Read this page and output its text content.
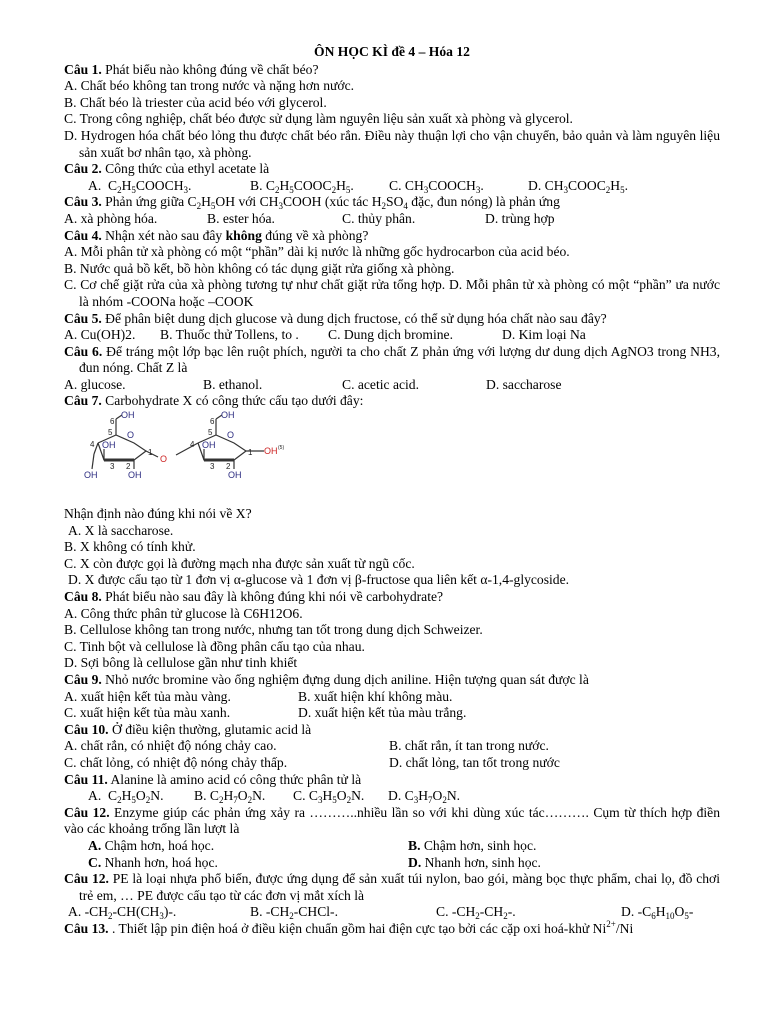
ÔN HỌC KÌ đề 4 – Hóa 12
Câu 1. Phát biểu nào không đúng về chất béo?
A. Chất béo không tan trong nước và nặng hơn nước.
B. Chất béo là triester của acid béo với glycerol.
C. Trong công nghiệp, chất béo được sử dụng làm nguyên liệu sản xuất xà phòng và glycerol.
D. Hydrogen hóa chất béo lỏng thu được chất béo rắn. Điều này thuận lợi cho vận chuyển, bảo quản và làm nguyên liệu sản xuất bơ nhân tạo, xà phòng.
Câu 2. Công thức của ethyl acetate là
A. $C_2H_5COOCH_3$.	B. $C_2H_5COOC_2H_5$.	C. $CH_3COOCH_3$.	D. $CH_3COOC_2H_5$.
Câu 3. Phản ứng giữa $C_2H_5OH$ với $CH_3COOH$ (xúc tác $H_2SO_4$ đặc, đun nóng) là phản ứng
A. xà phòng hóa.	B. ester hóa.	C. thủy phân.	D. trùng hợp
Câu 4. Nhận xét nào sau đây không đúng về xà phòng?
A. Mỗi phân tử xà phòng có một “phần” dài kị nước là những gốc hydrocarbon của acid béo.
B. Nước quả bồ kết, bồ hòn không có tác dụng giặt rửa giống xà phòng.
C. Cơ chế giặt rửa của xà phòng tương tự như chất giặt rửa tổng hợp. D. Mỗi phân tử xà phòng có một “phần” ưa nước là nhóm -COONa hoặc –COOK
Câu 5. Để phân biệt dung dịch glucose và dung dịch fructose, có thể sử dụng hóa chất nào sau đây?
A. Cu(OH)2.	B. Thuốc thử Tollens, to .	C. Dung dịch bromine.	D. Kim loại Na
Câu 6. Để tráng một lớp bạc lên ruột phích, người ta cho chất Z phản ứng với lượng dư dung dịch AgNO3 trong NH3, đun nóng. Chất Z là
A. glucose.	B. ethanol.	C. acetic acid.	D. saccharose
Câu 7. Carbohydrate X có công thức cấu tạo dưới đây:
OH
O
OH
OH	OH
O
OH
O
OH
OH
OH (5)
6
5
4
3 2
1
6
5
4
3 2
1
Nhận định nào đúng khi nói về X?
A. X là saccharose.
B. X không có tính khử.
C. X còn được gọi là đường mạch nha được sản xuất từ ngũ cốc.
D. X được cấu tạo từ 1 đơn vị α-glucose và 1 đơn vị β-fructose qua liên kết α-1,4-glycoside.
Câu 8. Phát biểu nào sau đây là không đúng khi nói về carbohydrate?
A. Công thức phân tử glucose là C6H12O6.
B. Cellulose không tan trong nước, nhưng tan tốt trong dung dịch Schweizer.
C. Tinh bột và cellulose là đồng phân cấu tạo của nhau.
D. Sợi bông là cellulose gần như tinh khiết
Câu 9. Nhỏ nước bromine vào ống nghiệm đựng dung dịch aniline. Hiện tượng quan sát được là
A. xuất hiện kết tủa màu vàng.	B. xuất hiện khí không màu.
C. xuất hiện kết tủa màu xanh.	D. xuất hiện kết tủa màu trắng.
Câu 10. Ở điều kiện thường, glutamic acid là
A. chất rắn, có nhiệt độ nóng chảy cao.	B. chất rắn, ít tan trong nước.
C. chất lỏng, có nhiệt độ nóng chảy thấp.	D. chất lỏng, tan tốt trong nước
Câu 11. Alanine là amino acid có công thức phân tử là
A. $C_2H_5O_2N$.	B. $C_2H_7O_2N$.	C. $C_3H_5O_2N$.	D. $C_3H_7O_2N$.
Câu 12. Enzyme giúp các phản ứng xảy ra ………..nhiều lần so với khi dùng xúc tác………. Cụm từ thích hợp điền vào các khoảng trống lần lượt là
A. Chậm hơn, hoá học.	B. Chậm hơn, sinh học.
C. Nhanh hơn, hoá học.	D. Nhanh hơn, sinh học.
Câu 12. PE là loại nhựa phổ biến, được ứng dụng để sản xuất túi nylon, bao gói, màng bọc thực phẩm, chai lọ, đồ chơi trẻ em, … PE được cấu tạo từ các đơn vị mắt xích là
A. $-CH_2-CH(CH_3)-$.	B. $-CH_2-CHCl-$.	C. $-CH_2-CH_2-$.	D. $-C_6H_{10}O_5-$
Câu 13. . Thiết lập pin điện hoá ở điều kiện chuẩn gồm hai điện cực tạo bởi các cặp oxi hoá-khử $Ni^{2+}/Ni$
